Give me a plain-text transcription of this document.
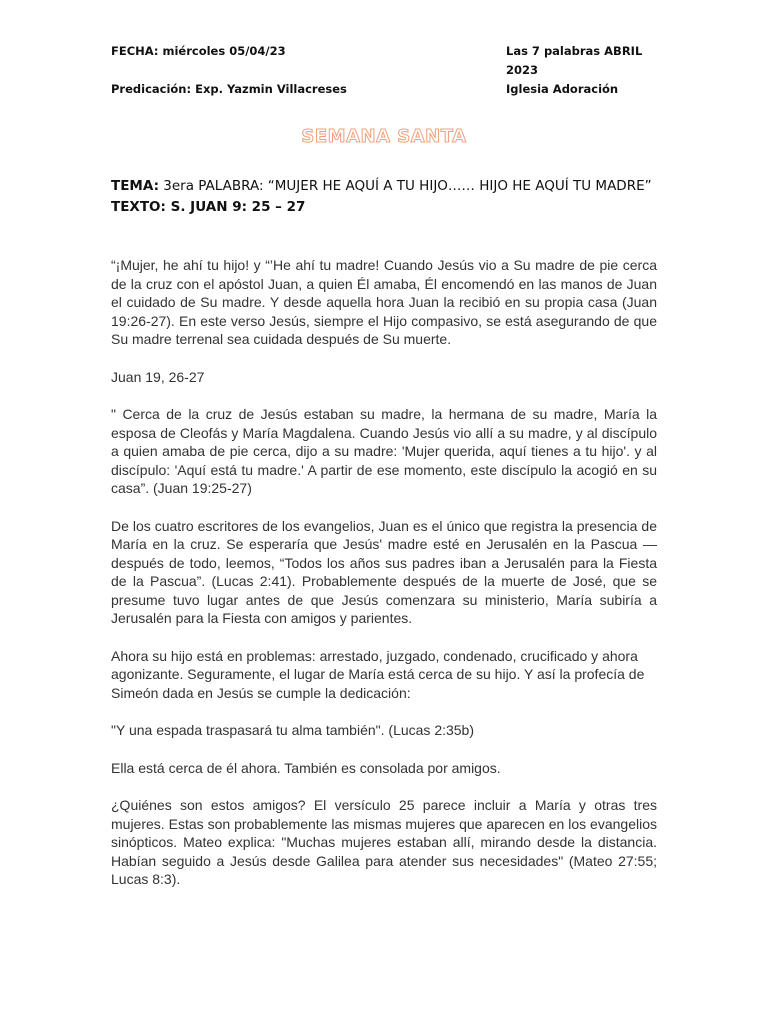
FECHA: miércoles 05/04/23	Las 7 palabras ABRIL 2023
Predicación: Exp. Yazmin Villacreses	Iglesia Adoración
SEMANA SANTA
TEMA: 3era PALABRA: “MUJER HE AQUÍ A TU HIJO…… HIJO HE AQUÍ TU MADRE”
TEXTO: S. JUAN 9: 25 – 27

“¡Mujer, he ahí tu hijo! y “’He ahí tu madre! Cuando Jesús vio a Su madre de pie cerca de la cruz con el apóstol Juan, a quien Él amaba, Él encomendó en las manos de Juan el cuidado de Su madre. Y desde aquella hora Juan la recibió en su propia casa (Juan 19:26-27). En este verso Jesús, siempre el Hijo compasivo, se está asegurando de que Su madre terrenal sea cuidada después de Su muerte.

Juan 19, 26-27

" Cerca de la cruz de Jesús estaban su madre, la hermana de su madre, María la esposa de Cleofás y María Magdalena. Cuando Jesús vio allí a su madre, y al discípulo a quien amaba de pie cerca, dijo a su madre: 'Mujer querida, aquí tienes a tu hijo'. y al discípulo: 'Aquí está tu madre.' A partir de ese momento, este discípulo la acogió en su casa”. (Juan 19:25-27)

De los cuatro escritores de los evangelios, Juan es el único que registra la presencia de María en la cruz. Se esperaría que Jesús' madre esté en Jerusalén en la Pascua — después de todo, leemos, “Todos los años sus padres iban a Jerusalén para la Fiesta de la Pascua”. (Lucas 2:41). Probablemente después de la muerte de José, que se presume tuvo lugar antes de que Jesús comenzara su ministerio, María subiría a Jerusalén para la Fiesta con amigos y parientes.

Ahora su hijo está en problemas: arrestado, juzgado, condenado, crucificado y ahora agonizante. Seguramente, el lugar de María está cerca de su hijo. Y así la profecía de Simeón dada en Jesús se cumple la dedicación:

"Y una espada traspasará tu alma también". (Lucas 2:35b)

Ella está cerca de él ahora. También es consolada por amigos.

¿Quiénes son estos amigos? El versículo 25 parece incluir a María y otras tres mujeres. Estas son probablemente las mismas mujeres que aparecen en los evangelios sinópticos. Mateo explica: "Muchas mujeres estaban allí, mirando desde la distancia. Habían seguido a Jesús desde Galilea para atender sus necesidades" (Mateo 27:55; Lucas 8:3).
